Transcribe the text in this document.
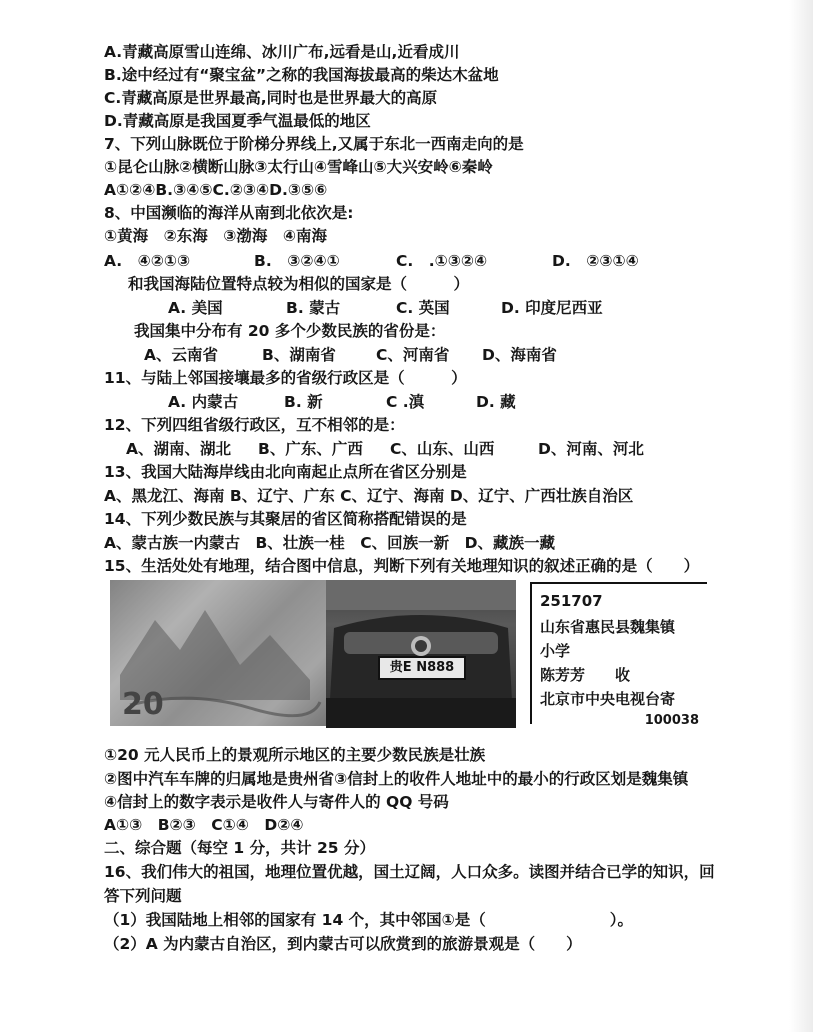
A.青藏高原雪山连绵、冰川广布,远看是山,近看成川
B.途中经过有“聚宝盆”之称的我国海拔最高的柴达木盆地
C.青藏高原是世界最高,同时也是世界最大的高原
D.青藏高原是我国夏季气温最低的地区
7、下列山脉既位于阶梯分界线上,又属于东北一西南走向的是
①昆仑山脉②横断山脉③太行山④雪峰山⑤大兴安岭⑥秦岭
A①②④B.③④⑤C.②③④D.③⑤⑥
8、中国濒临的海洋从南到北依次是:
①黄海　②东海　③渤海　④南海
A.　④②①③	B.　③②④①	C.　.①③②④	D.　②③①④
和我国海陆位置特点较为相似的国家是（　　　）
A. 美国	B. 蒙古	C. 英国	D. 印度尼西亚
我国集中分布有 20 多个少数民族的省份是：
A、云南省	B、湖南省	C、河南省 D、海南省
11、与陆上邻国接壤最多的省级行政区是（　　　）
A. 内蒙古	B. 新	C .滇	D. 藏
12、下列四组省级行政区，互不相邻的是：
A、湖南、湖北 B、广东、广西 C、山东、山西	D、河南、河北
13、我国大陆海岸线由北向南起止点所在省区分别是
A、黑龙江、海南 B、辽宁、广东 C、辽宁、海南 D、辽宁、广西壮族自治区
14、下列少数民族与其聚居的省区简称搭配错误的是
A、蒙古族一内蒙古　B、壮族一桂　C、回族一新　D、藏族一藏
15、生活处处有地理，结合图中信息，判断下列有关地理知识的叙述正确的是（　　）
20
贵E N888
251707
山东省惠民县魏集镇
小学
陈芳芳　　收
北京市中央电视台寄
100038
①20 元人民币上的景观所示地区的主要少数民族是壮族
②图中汽车车牌的归属地是贵州省③信封上的收件人地址中的最小的行政区划是魏集镇
④信封上的数字表示是收件人与寄件人的 QQ 号码
A①③　B②③　C①④　D②④
二、综合题（每空 1 分，共计 25 分）
16、我们伟大的祖国，地理位置优越，国土辽阔，人口众多。读图并结合已学的知识，回
答下列问题
（1）我国陆地上相邻的国家有 14 个，其中邻国①是（　　　　　　　　）。
（2）A 为内蒙古自治区，到内蒙古可以欣赏到的旅游景观是（　　）
